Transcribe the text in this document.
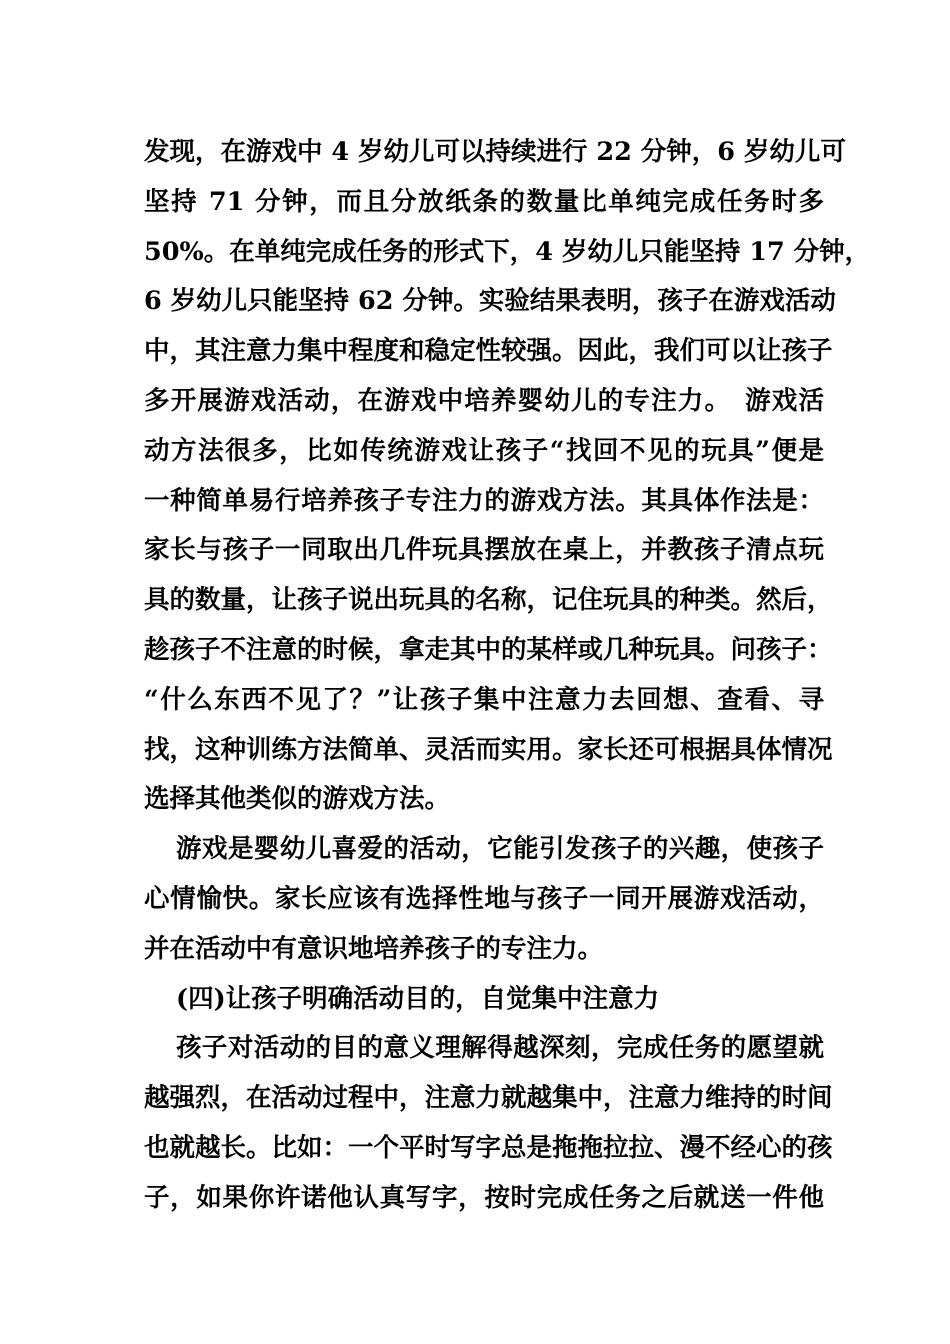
发现，在游戏中 4 岁幼儿可以持续进行 22 分钟，6 岁幼儿可
坚持 71 分钟，而且分放纸条的数量比单纯完成任务时多
50%。在单纯完成任务的形式下，4 岁幼儿只能坚持 17 分钟，
6 岁幼儿只能坚持 62 分钟。实验结果表明，孩子在游戏活动
中，其注意力集中程度和稳定性较强。因此，我们可以让孩子
多开展游戏活动，在游戏中培养婴幼儿的专注力。　游戏活
动方法很多，比如传统游戏让孩子“找回不见的玩具”便是
一种简单易行培养孩子专注力的游戏方法。其具体作法是：
家长与孩子一同取出几件玩具摆放在桌上，并教孩子清点玩
具的数量，让孩子说出玩具的名称，记住玩具的种类。然后，
趁孩子不注意的时候，拿走其中的某样或几种玩具。问孩子：
“什么东西不见了？”让孩子集中注意力去回想、查看、寻
找，这种训练方法简单、灵活而实用。家长还可根据具体情况
选择其他类似的游戏方法。
游戏是婴幼儿喜爱的活动，它能引发孩子的兴趣，使孩子
心情愉快。家长应该有选择性地与孩子一同开展游戏活动，
并在活动中有意识地培养孩子的专注力。
(四)让孩子明确活动目的，自觉集中注意力
孩子对活动的目的意义理解得越深刻，完成任务的愿望就
越强烈，在活动过程中，注意力就越集中，注意力维持的时间
也就越长。比如：一个平时写字总是拖拖拉拉、漫不经心的孩
子，如果你许诺他认真写字，按时完成任务之后就送一件他
